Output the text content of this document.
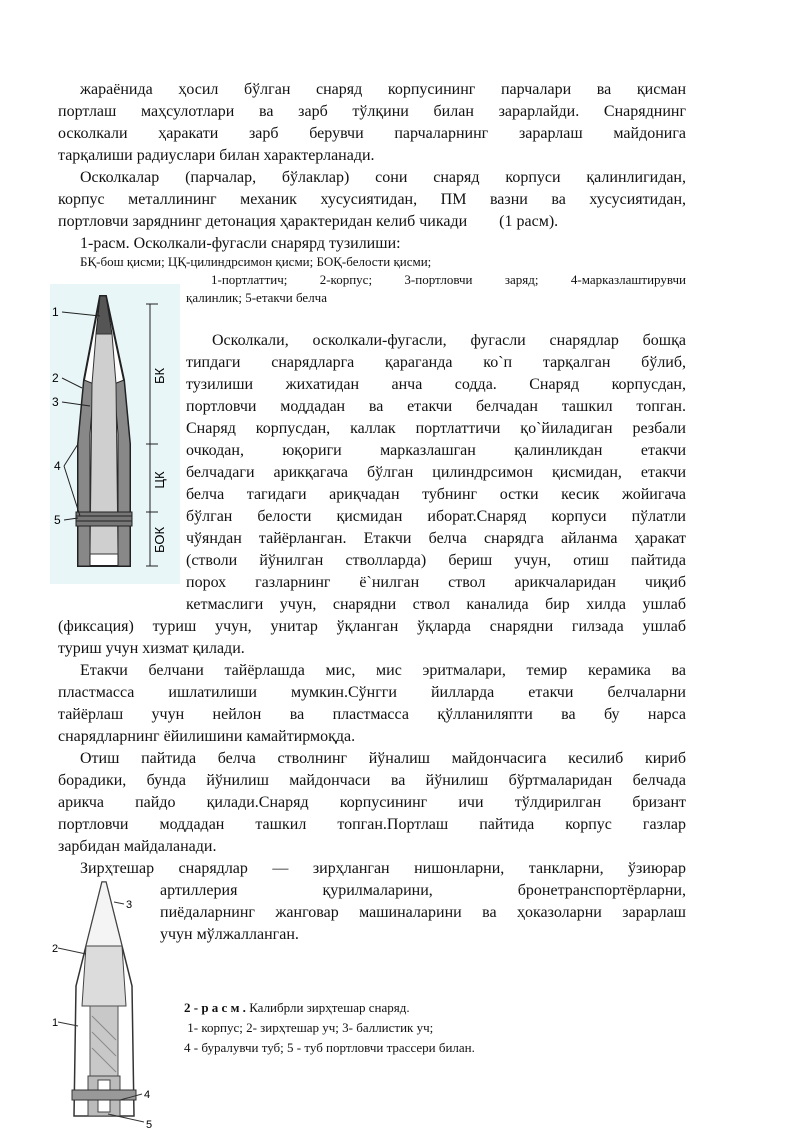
жараёнида ҳосил бўлган снаряд корпусининг парчалари ва қисман
портлаш маҳсулотлари ва зарб тўлқини билан зарарлайди. Снаряднинг
осколкали ҳаракати зарб берувчи парчаларнинг зарарлаш майдонига
тарқалиши радиуслари билан характерланади.
Осколкалар (парчалар, бўлаклар) сони снаряд корпуси қалинлигидан,
корпус металлининг механик хусусиятидан, ПМ вазни ва хусусиятидан,
портловчи заряднинг детонация ҳарактеридан келиб чикади        (1 расм).
1-расм. Осколкали-фугасли снарярд тузилиши:
БҚ-бош қисми; ЦҚ-цилиндрсимон қисми; БОҚ-белости қисми;
1-портлаттич; 2-корпус; 3-портловчи заряд; 4-марказлаштирувчи
қалинлик; 5-етакчи белча
БК
ЦК
БОК
1
2
3
4
5
Осколкали, осколкали-фугасли, фугасли снарядлар бошқа
типдаги снарядларга қараганда ко`п тарқалган бўлиб,
тузилиши жихатидан анча содда. Снаряд корпусдан,
портловчи моддадан ва етакчи белчадан ташкил топган.
Снаряд корпусдан, каллак портлаттичи қо`йиладиган резбали
очкодан, юқориги марказлашган қалинликдан етакчи
белчадаги арикқагача бўлган цилиндрсимон қисмидан, етакчи
белча тагидаги ариқчадан тубнинг остки кесик жойигача
бўлган белости қисмидан иборат.Снаряд корпуси пўлатли
чўяндан тайёрланган. Етакчи белча снарядга айланма ҳаракат
(стволи йўнилган стволларда) бериш учун, отиш пайтида
порох газларнинг ё`нилган ствол арикчаларидан чиқиб
кетмаслиги учун, снарядни ствол каналида бир хилда ушлаб
(фиксация) туриш учун, унитар ўқланган ўқларда снарядни гилзада ушлаб
туриш учун хизмат қилади.
Етакчи белчани тайёрлашда мис, мис эритмалари, темир керамика ва
пластмасса ишлатилиши мумкин.Сўнгги йилларда етакчи белчаларни
тайёрлаш учун нейлон ва пластмасса қўлланиляпти ва бу нарса
снарядларнинг ёйилишини камайтирмоқда.
Отиш пайтида белча стволнинг йўналиш майдончасига кесилиб кириб
борадики, бунда йўнилиш майдончаси ва йўнилиш бўртмаларидан белчада
арикча пайдо қилади.Снаряд корпусининг ичи тўлдирилган бризант
портловчи моддадан ташкил топган.Портлаш пайтида корпус газлар
зарбидан майдаланади.
Зирҳтешар снарядлар — зирҳланган нишонларни, танкларни, ўзиюрар
артиллерия қурилмаларини, бронетранспортёрларни,
пиёдаларнинг жанговар машиналарини ва ҳоказоларни зарарлаш
учун мўлжалланган.
3
2
1
4
5
2 - р а с м . Калибрли зирҳтешар снаряд.
1- корпус; 2- зирҳтешар уч; 3- баллистик уч;
4 - буралувчи туб; 5 - туб портловчи трассери билан.
